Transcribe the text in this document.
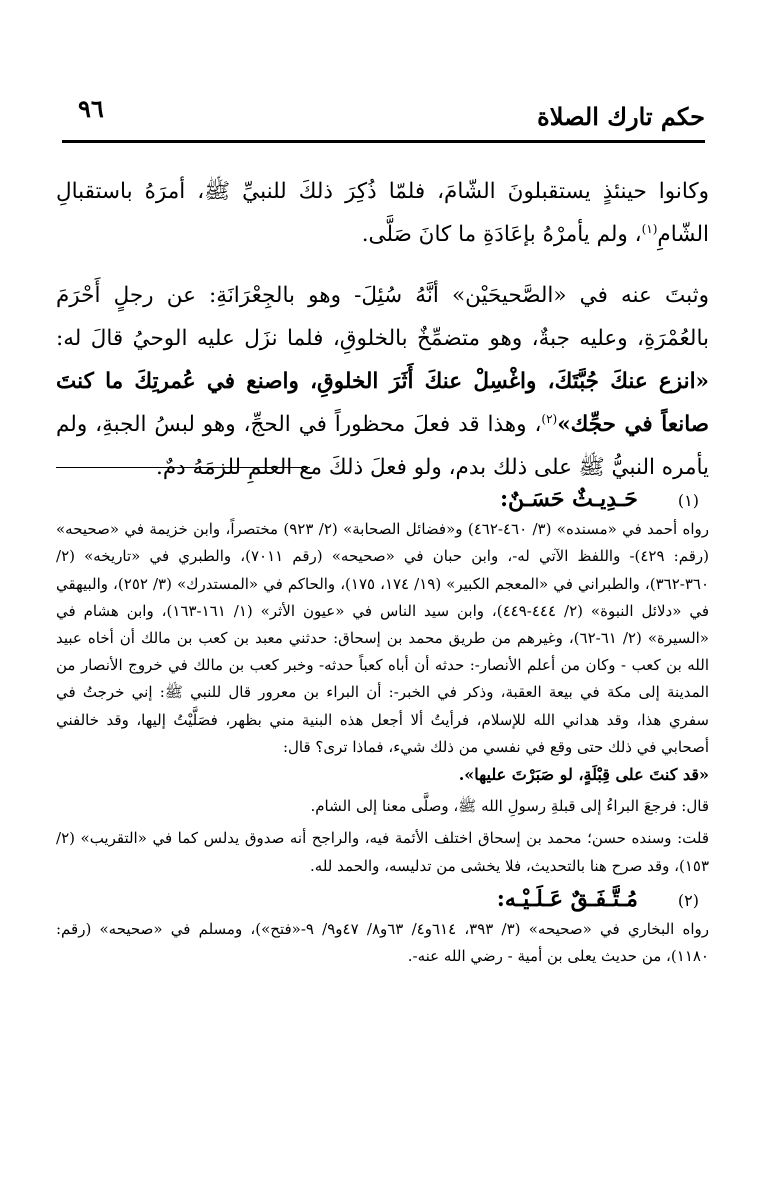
حكم تارك الصلاة
٩٦

وكانوا حينئذٍ يستقبلونَ الشّامَ، فلمّا ذُكِرَ ذلكَ للنبيِّ ﷺ، أمرَهُ باستقبالِ الشّامِ$^{(١)}$، ولم يأمرْهُ بإعَادَةِ ما كانَ صَلَّى.

وثبتَ عنه في «الصَّحيحَيْن» أنَّهُ سُئِلَ- وهو بالجِعْرَانَةِ: عن رجلٍ أَحْرَمَ بالعُمْرَةِ، وعليه جبةٌ، وهو متضمِّخٌ بالخلوقِ، فلما نزَل عليه الوحيُ قالَ له: «انزع عنكَ جُبَّتَكَ، واغْسِلْ عنكَ أَثَرَ الخلوقِ، واصنع في عُمرتِكَ ما كنتَ صانعاً في حجِّك»$^{(٢)}$، وهذا قد فعلَ محظوراً في الحجِّ، وهو لبسُ الجبةِ، ولم يأمره النبيُّ ﷺ على ذلك بدم، ولو فعلَ ذلكَ مع العلمِ للزمَهُ دمٌ.

(١)
حَـدِيـثٌ حَسَـنٌ:

رواه أحمد في «مسنده» (٣/ ٤٦٠-٤٦٢) و«فضائل الصحابة» (٢/ ٩٢٣) مختصراً، وابن خزيمة في «صحيحه» (رقم: ٤٢٩)- واللفظ الآتي له-، وابن حبان في «صحيحه» (رقم ٧٠١١)، والطبري في «تاريخه» (٢/ ٣٦٠-٣٦٢)، والطبراني في «المعجم الكبير» (١٩/ ١٧٤، ١٧٥)، والحاكم في «المستدرك» (٣/ ٢٥٢)، والبيهقي في «دلائل النبوة» (٢/ ٤٤٤-٤٤٩)، وابن سيد الناس في «عيون الأثر» (١/ ١٦١-١٦٣)، وابن هشام في «السيرة» (٢/ ٦١-٦٢)، وغيرهم من طريق محمد بن إسحاق: حدثني معبد بن كعب بن مالك أن أخاه عبيد الله بن كعب - وكان من أعلم الأنصار-: حدثه أن أباه كعباً حدثه- وخبر كعب بن مالك في خروج الأنصار من المدينة إلى مكة في بيعة العقبة، وذكر في الخبر-: أن البراء بن معرور قال للنبي ﷺ: إني خرجتُ في سفري هذا، وقد هداني الله للإسلام، فرأيتُ ألا أجعل هذه البنية مني بظهر، فصَلَّيْتُ إليها، وقد خالفني أصحابي في ذلك حتى وقع في نفسي من ذلك شيء، فماذا ترى؟ قال:

«قد كنتَ على قِبْلَةٍ، لو صَبَرْتَ عليها».

قال: فرجعَ البراءُ إلى قبلةِ رسولِ الله ﷺ، وصلَّى معنا إلى الشام.

قلت: وسنده حسن؛ محمد بن إسحاق اختلف الأئمة فيه، والراجح أنه صدوق يدلس كما في «التقريب» (٢/ ١٥٣)، وقد صرح هنا بالتحديث، فلا يخشى من تدليسه، والحمد لله.

(٢)
مُـتَّـفَـقٌ عَـلَـيْـه:

رواه البخاري في «صحيحه» (٣/ ٣٩٣، ٦١٤و٤/ ٦٣و٨/ ٤٧و٩/ ٩-«فتح»)، ومسلم في «صحيحه» (رقم: ١١٨٠)، من حديث يعلى بن أمية - رضي الله عنه-.
